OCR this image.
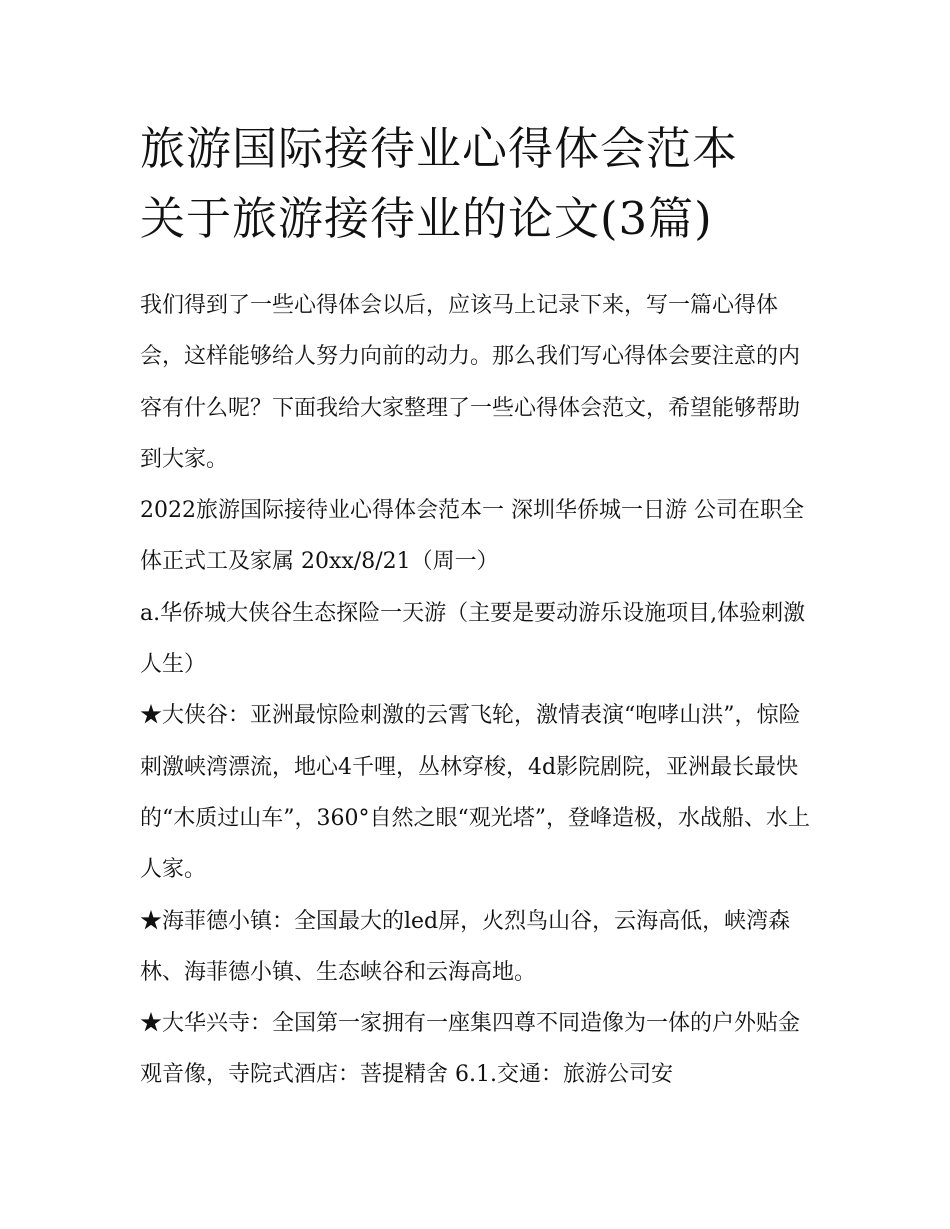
旅游国际接待业心得体会范本
关于旅游接待业的论文(3篇)

我们得到了一些心得体会以后，应该马上记录下来，写一篇心得体会，这样能够给人努力向前的动力。那么我们写心得体会要注意的内容有什么呢？下面我给大家整理了一些心得体会范文，希望能够帮助到大家。

2022旅游国际接待业心得体会范本一 深圳华侨城一日游 公司在职全体正式工及家属 20xx/8/21（周一）

a.华侨城大侠谷生态探险一天游（主要是要动游乐设施项目,体验刺激人生）

★大侠谷：亚洲最惊险刺激的云霄飞轮，激情表演“咆哮山洪”，惊险刺激峡湾漂流，地心4千哩，丛林穿梭，4d影院剧院，亚洲最长最快的“木质过山车”，360°自然之眼“观光塔”，登峰造极，水战船、水上人家。

★海菲德小镇：全国最大的led屏，火烈鸟山谷，云海高低，峡湾森林、海菲德小镇、生态峡谷和云海高地。

★大华兴寺：全国第一家拥有一座集四尊不同造像为一体的户外贴金观音像，寺院式酒店：菩提精舍 6.1.交通：旅游公司安
